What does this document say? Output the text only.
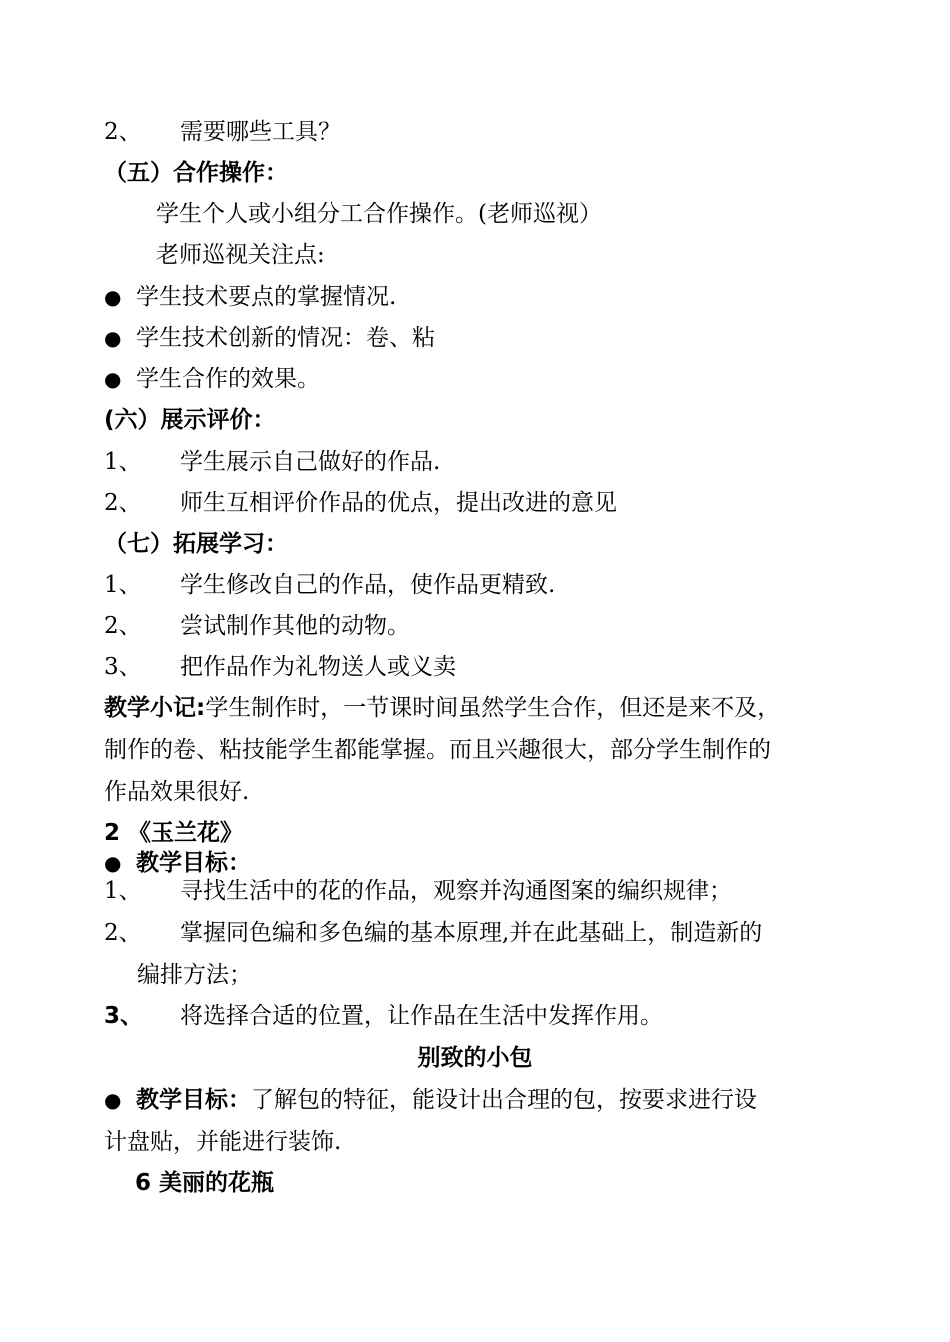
2、 需要哪些工具？
（五）合作操作：
学生个人或小组分工合作操作。(老师巡视）
老师巡视关注点:
● 学生技术要点的掌握情况.
● 学生技术创新的情况：卷、粘
● 学生合作的效果。
(六）展示评价：
1、 学生展示自己做好的作品.
2、 师生互相评价作品的优点，提出改进的意见
（七）拓展学习：
1、 学生修改自己的作品，使作品更精致.
2、 尝试制作其他的动物。
3、 把作品作为礼物送人或义卖
教学小记:学生制作时，一节课时间虽然学生合作，但还是来不及，
制作的卷、粘技能学生都能掌握。而且兴趣很大，部分学生制作的
作品效果很好.
2 《玉兰花》
● 教学目标：
1、 寻找生活中的花的作品，观察并沟通图案的编织规律；
2、 掌握同色编和多色编的基本原理,并在此基础上，制造新的
编排方法；
3、 将选择合适的位置，让作品在生活中发挥作用。
别致的小包
● 教学目标：了解包的特征，能设计出合理的包，按要求进行设
计盘贴，并能进行装饰.
6 美丽的花瓶
